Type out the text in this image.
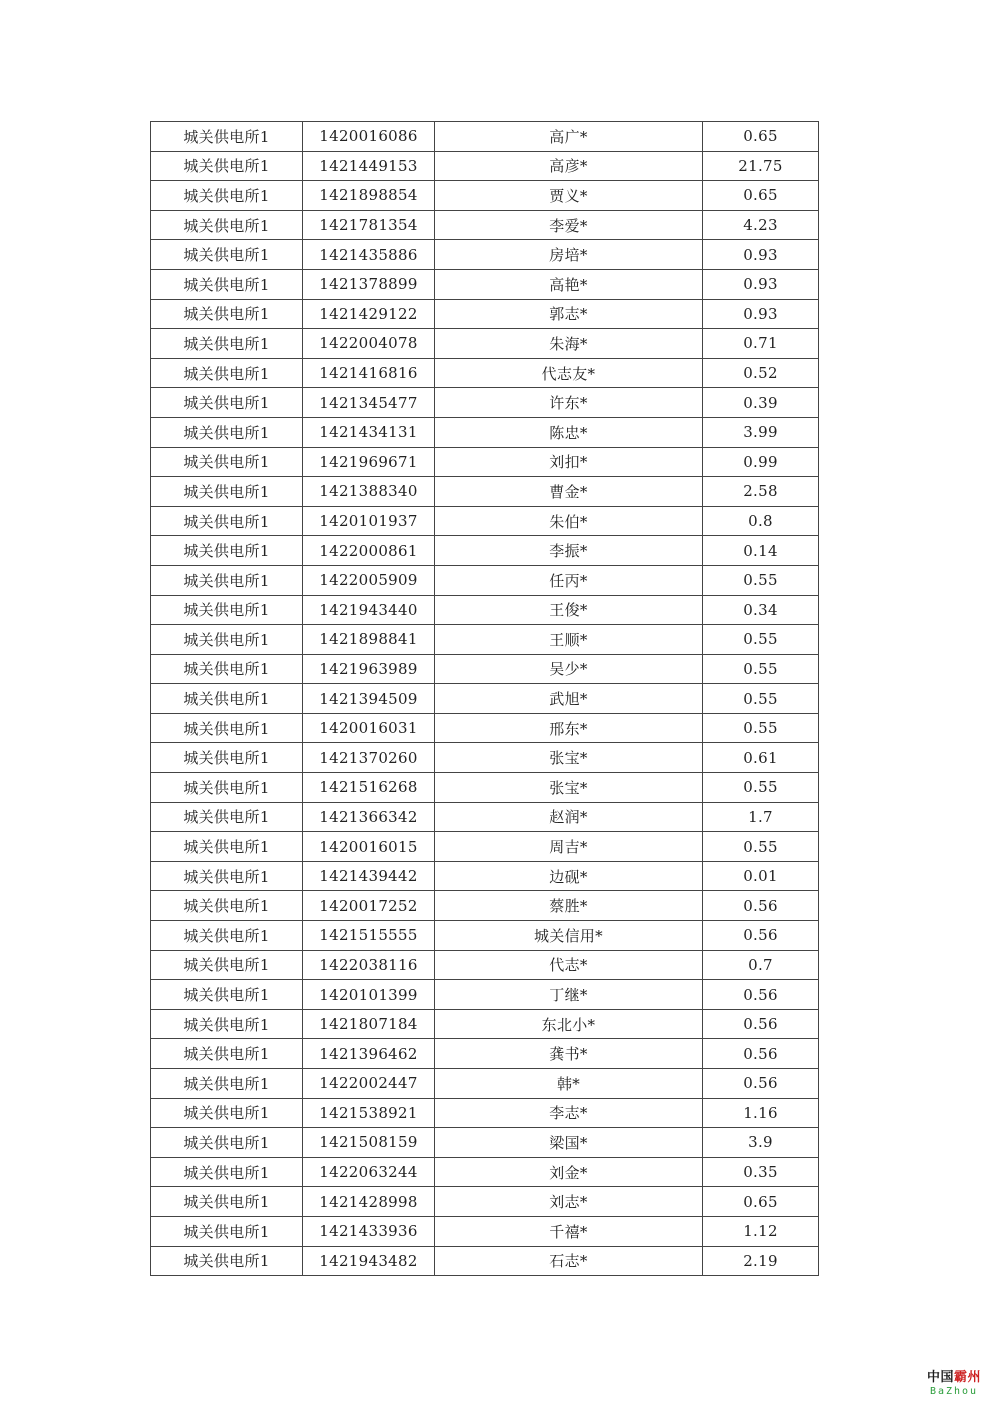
城关供电所1	1420016086	高广*	0.65
城关供电所1	1421449153	高彦*	21.75
城关供电所1	1421898854	贾义*	0.65
城关供电所1	1421781354	李爱*	4.23
城关供电所1	1421435886	房培*	0.93
城关供电所1	1421378899	高艳*	0.93
城关供电所1	1421429122	郭志*	0.93
城关供电所1	1422004078	朱海*	0.71
城关供电所1	1421416816	代志友*	0.52
城关供电所1	1421345477	许东*	0.39
城关供电所1	1421434131	陈忠*	3.99
城关供电所1	1421969671	刘扣*	0.99
城关供电所1	1421388340	曹金*	2.58
城关供电所1	1420101937	朱伯*	0.8
城关供电所1	1422000861	李振*	0.14
城关供电所1	1422005909	任丙*	0.55
城关供电所1	1421943440	王俊*	0.34
城关供电所1	1421898841	王顺*	0.55
城关供电所1	1421963989	吴少*	0.55
城关供电所1	1421394509	武旭*	0.55
城关供电所1	1420016031	邢东*	0.55
城关供电所1	1421370260	张宝*	0.61
城关供电所1	1421516268	张宝*	0.55
城关供电所1	1421366342	赵润*	1.7
城关供电所1	1420016015	周吉*	0.55
城关供电所1	1421439442	边砚*	0.01
城关供电所1	1420017252	蔡胜*	0.56
城关供电所1	1421515555	城关信用*	0.56
城关供电所1	1422038116	代志*	0.7
城关供电所1	1420101399	丁继*	0.56
城关供电所1	1421807184	东北小*	0.56
城关供电所1	1421396462	龚书*	0.56
城关供电所1	1422002447	韩*	0.56
城关供电所1	1421538921	李志*	1.16
城关供电所1	1421508159	梁国*	3.9
城关供电所1	1422063244	刘金*	0.35
城关供电所1	1421428998	刘志*	0.65
城关供电所1	1421433936	千禧*	1.12
城关供电所1	1421943482	石志*	2.19
中国霸州
BaZhou
